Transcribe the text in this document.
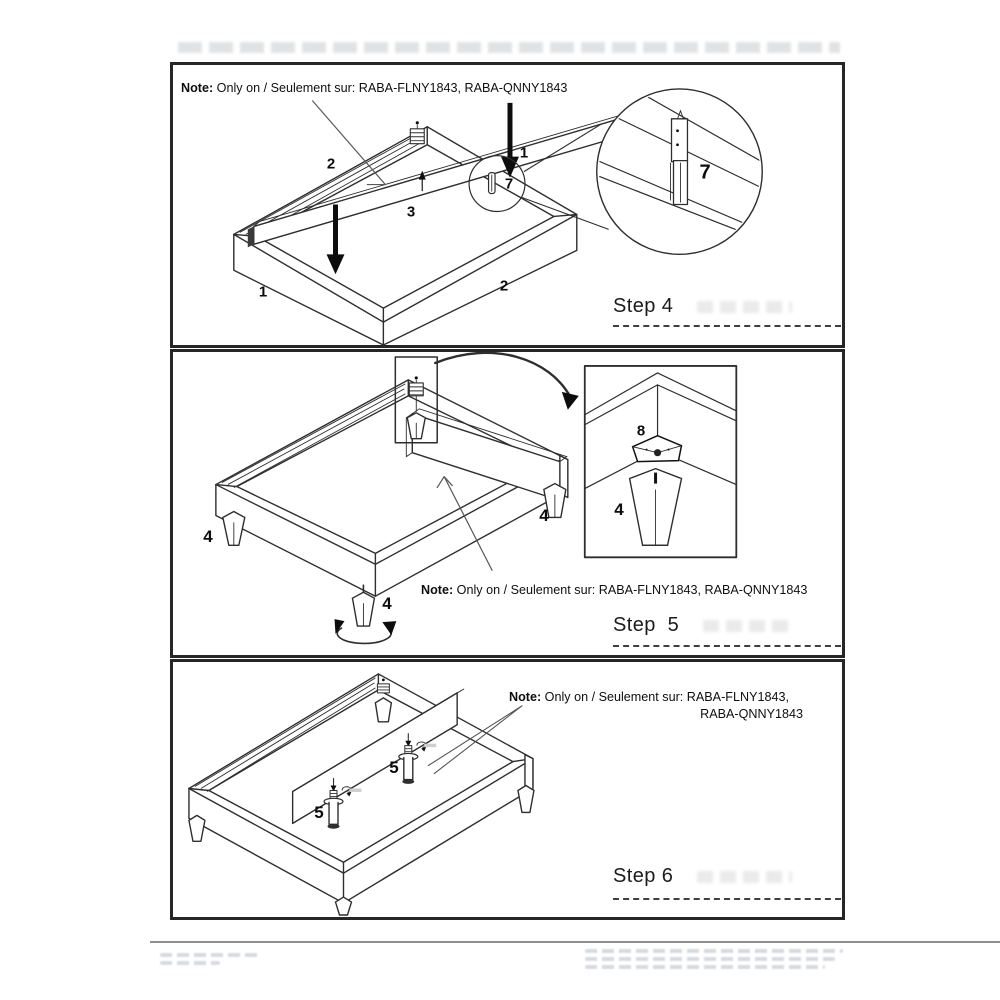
Note: Only on / Seulement sur: RABA-FLNY1843, RABA-QNNY1843
2
1
3
7
7
1	2
Step 4
Note: Only on / Seulement sur: RABA-FLNY1843, RABA-QNNY1843
4
4
4
8
4
Step  5
Note: Only on / Seulement sur: RABA-FLNY1843,
RABA-QNNY1843
5
5
Step 6
